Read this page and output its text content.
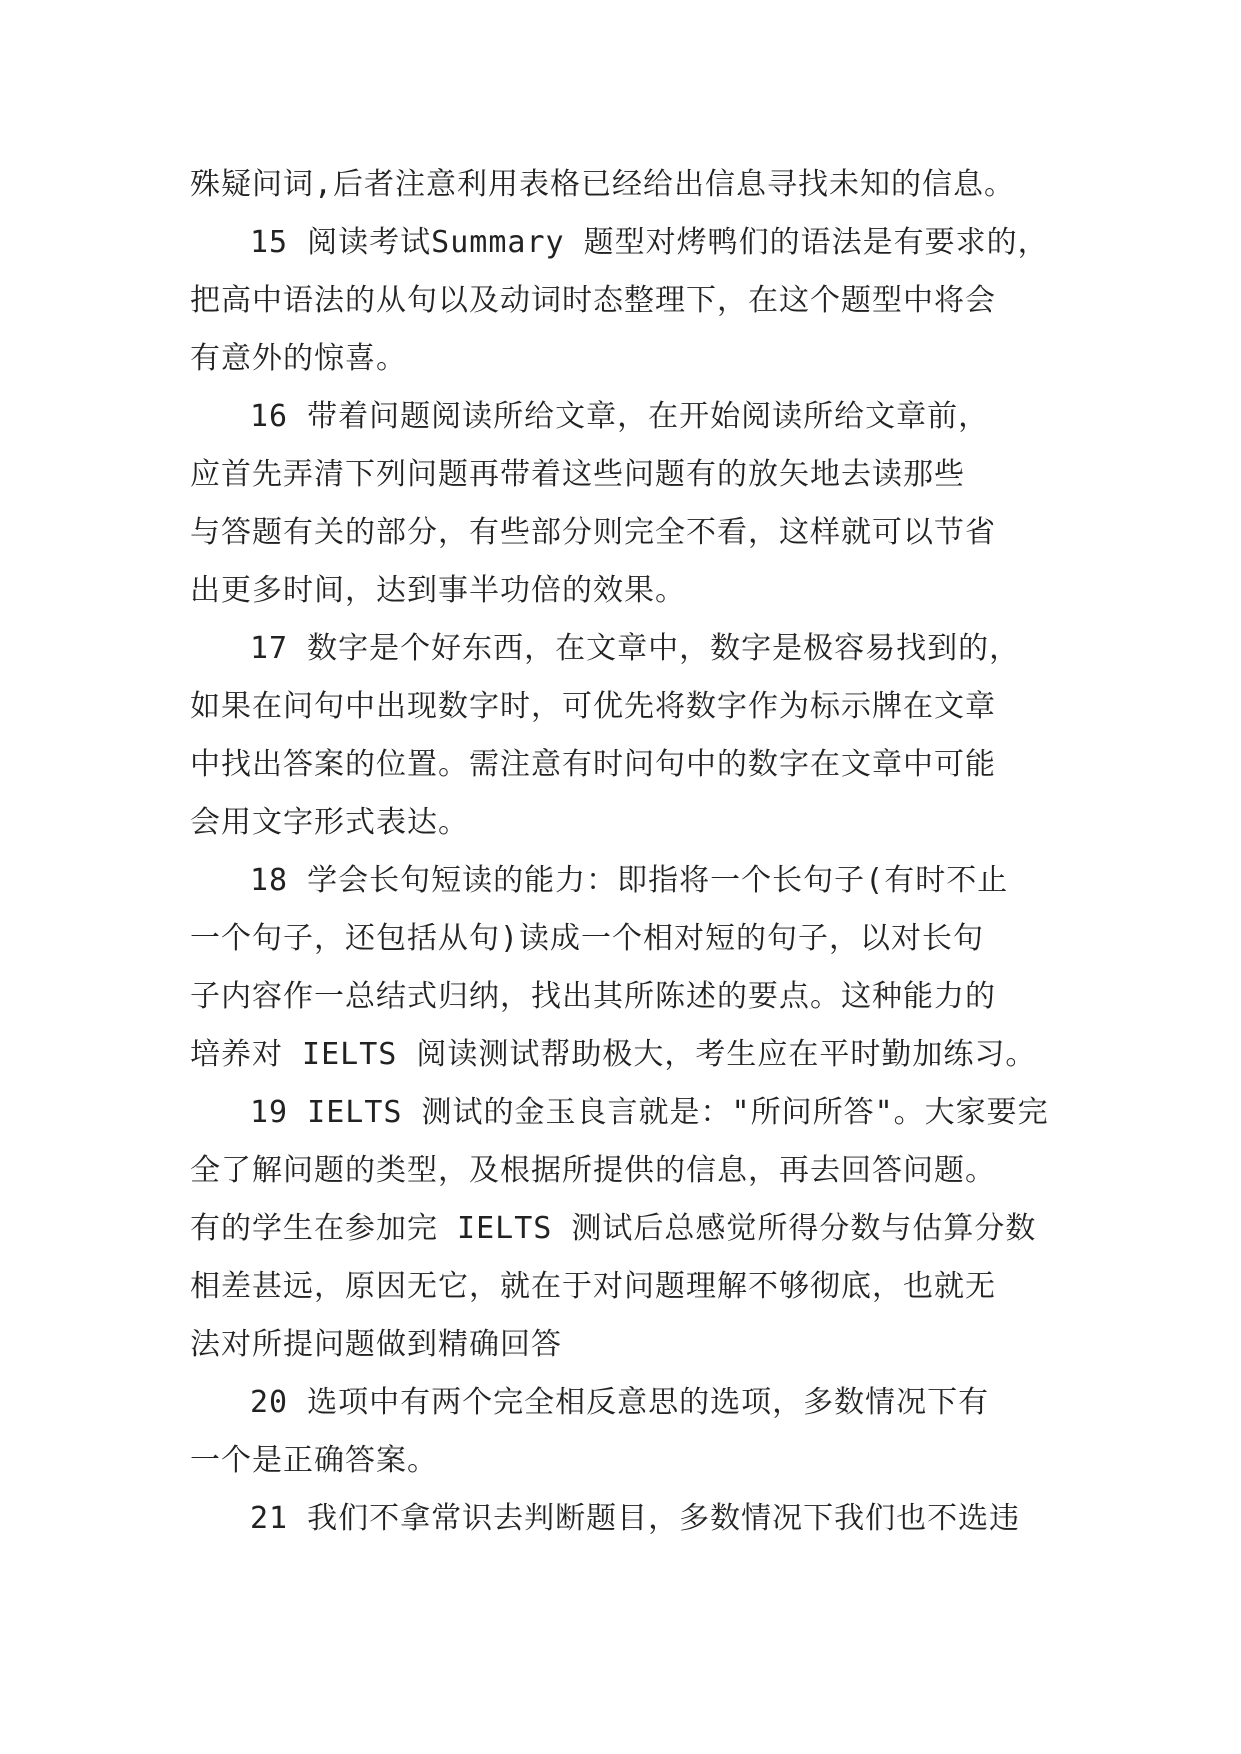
殊疑问词,后者注意利用表格已经给出信息寻找未知的信息。
15 阅读考试Summary 题型对烤鸭们的语法是有要求的，
把高中语法的从句以及动词时态整理下，在这个题型中将会
有意外的惊喜。
16 带着问题阅读所给文章，在开始阅读所给文章前，
应首先弄清下列问题再带着这些问题有的放矢地去读那些
与答题有关的部分，有些部分则完全不看，这样就可以节省
出更多时间，达到事半功倍的效果。
17 数字是个好东西，在文章中，数字是极容易找到的，
如果在问句中出现数字时，可优先将数字作为标示牌在文章
中找出答案的位置。需注意有时问句中的数字在文章中可能
会用文字形式表达。
18 学会长句短读的能力：即指将一个长句子(有时不止
一个句子，还包括从句)读成一个相对短的句子，以对长句
子内容作一总结式归纳，找出其所陈述的要点。这种能力的
培养对 IELTS 阅读测试帮助极大，考生应在平时勤加练习。
19 IELTS 测试的金玉良言就是："所问所答"。大家要完
全了解问题的类型，及根据所提供的信息，再去回答问题。
有的学生在参加完 IELTS 测试后总感觉所得分数与估算分数
相差甚远，原因无它，就在于对问题理解不够彻底，也就无
法对所提问题做到精确回答
20 选项中有两个完全相反意思的选项，多数情况下有
一个是正确答案。
21 我们不拿常识去判断题目，多数情况下我们也不选违
